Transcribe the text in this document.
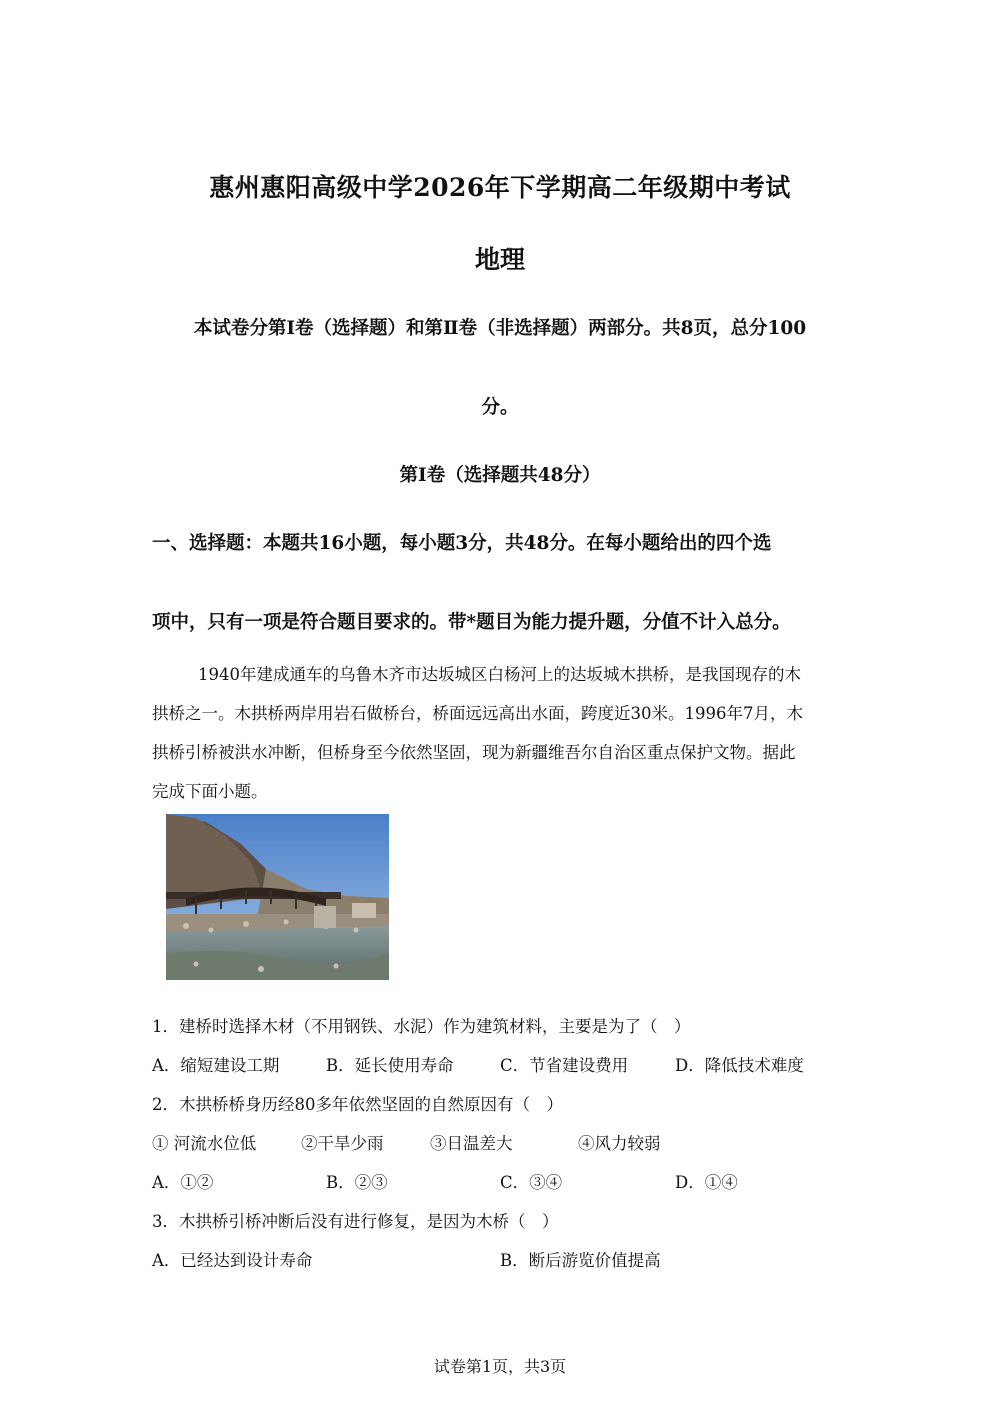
惠州惠阳高级中学2026年下学期高二年级期中考试
地理
本试卷分第Ⅰ卷（选择题）和第Ⅱ卷（非选择题）两部分。共8页，总分100
分。
第Ⅰ卷（选择题共48分）
一、选择题：本题共16小题，每小题3分，共48分。在每小题给出的四个选
项中，只有一项是符合题目要求的。带*题目为能力提升题，分值不计入总分。
1940年建成通车的乌鲁木齐市达坂城区白杨河上的达坂城木拱桥，是我国现存的木
拱桥之一。木拱桥两岸用岩石做桥台，桥面远远高出水面，跨度近30米。1996年7月，木
拱桥引桥被洪水冲断，但桥身至今依然坚固，现为新疆维吾尔自治区重点保护文物。据此
完成下面小题。
1．建桥时选择木材（不用钢铁、水泥）作为建筑材料，主要是为了（　）
A．缩短建设工期	B．延长使用寿命	C．节省建设费用	D．降低技术难度
2．木拱桥桥身历经80多年依然坚固的自然原因有（　）
① 河流水位低	②干旱少雨	③日温差大	④风力较弱
A．①②	B．②③	C．③④	D．①④
3．木拱桥引桥冲断后没有进行修复，是因为木桥（　）
A．已经达到设计寿命	B．断后游览价值提高
试卷第1页，共3页
